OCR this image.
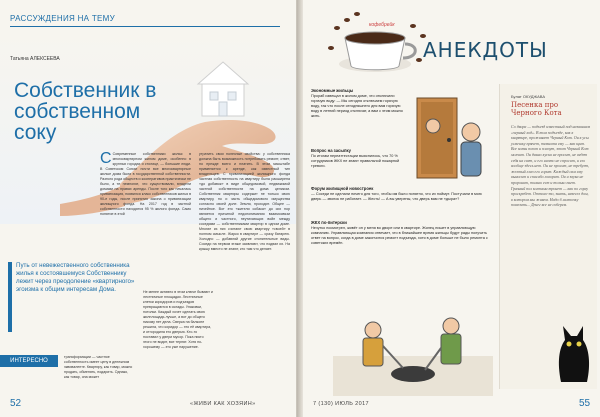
РАССУЖДЕНИЯ НА ТЕМУ
Татьяна АЛЕКСЕЕВА
Собственник в собственном соку
С Современные собственники жилья в многоквартирном жилом доме, особенно в крупных городах и столице, — большие люди. В Советском Союзе почти все многоквартирные жилые дома были в государственной собственности. Разного рода обществ и кооперативов практически не было, а те немногие, что существовали, владели домами на правах аренды. После того как началась приватизация, появился класс собственников жилья в 90-е годы, после принятия закона о приватизации жилищного фонда. На 2017 год в частной собственности находятся 95 % жилого фонда. Само понятие в этой
утратить свои полезные свойства: у собственника должна быть возможность потребовать ремонт, ответ, но прежде всего и платить. В этом масштабе применяется к аренде, как известный тип владельцев. С приватизацией жилищного фонда частная собственность на квартиру была расширена «до добавок» в виде общедомовой, недвижимой частной собственности на дома целиком. Собственник квартиры содержит не только свою квартиру, но и часть общедомового имущества согласно своей доле. Земля, проходит. Общее — ничейное. Вот это «жители собака» до сих пор является причиной недопонимания взаимосвязи общего и частного, неутихающих войн между соседями — собственниками квартир в одном доме. Многие из них считают свою квартиру «своей» в полном смысле. Жарко в квартире — сразу батарею. Холодно — добавляй другие отопительные виды. Соседи на первом этаже заявляют, что подвал их. На крышу вместо не знают, кто там что делает.
Не менее активно в этом ключе бывают и лестничные площадки. Лестничные клетки коридоров и подъездов превращаются в склады. Упаковки, потолки. Каждый хочет сделать свою жилплощадь лучше, а вот до общего никому нет дела. Сверка на балконе решила, что коридор — это её квартира, и отгородила его дверью. Кто-то поставил у двери мусор. Пока никто этого не видит, все терпят. Хотя по-хорошему — это уже нарушение.
Путь от невежественного собственника жилья к состоявшемуся Собственнику лежит через преодоление «квартирного» эгоизма к общим интересам Дома.
ИНТЕРЕСНО
трансформации — частное собственность имеет цену в денежном эквиваленте. Квартиру, как товар, можно продать, обменять, подарить. Однако, как товар, она может
52	«ЖИВИ КАК ХОЗЯИН»
кофебрейк
АНЕКДОТЫ
Экономные жильцы
Прораб извещал в жилом доме, что отключили горячую воду: — Мы сегодня отключаем горячую воду, так что после сегодняшнего дня вам горячую воду в летний период отключат, а вам с этим можно жить.
Вопрос на засыпку
По итогам переаттестации выяснилось, что 70 % сотрудников ЖКХ не знают правильной пожарной тревоги.
Форум жилищной новостроек
— Соседи не сделали ничего для того, чтобы им было понятно, что их поймут. Постучали в мою дверь — звонок не работает. — Жесть! — А вы уверены, что дверь вам не «дыра»?
ЖКХ по-питерски
Нечутко посмотрел, живёт он у меня во дворе или в квартире. Жилец пишет в управляющую компанию. Управляющая компания отвечает, что в ближайшее время жильцы будут рады получить ответ на вопрос, когда в доме закончится ремонт подъезда, хотя в доме больше не было ремонта с советских времён.
Булат ОКУДЖАВА
Песенка про Черного Кота
Со двора — подъезд известный под названием «черный ход». В том подъезде, как в квартире, проживает Черный Кот. Он в усы усмешку прячет, темнота ему — как щит. Все коты поют и плачут, этот Черный Кот молчит. Он давно куска не просит, не ведет себя на свет, и его ничто не спросит, и его вообще здесь нет. Он не просит, не требует, желтый глаз его горит. Каждый сам ему выносит и спасибо говорит. Он и звука не проронит, только ест и только пьет. Грязный пол когтями тронет — как по горлу проскребет. Оттого-то, знать, невесел дом, в котором мы живем. Надо б лампочку повесить... Денег все не соберем.
7 (130) ИЮЛЬ 2017	55
